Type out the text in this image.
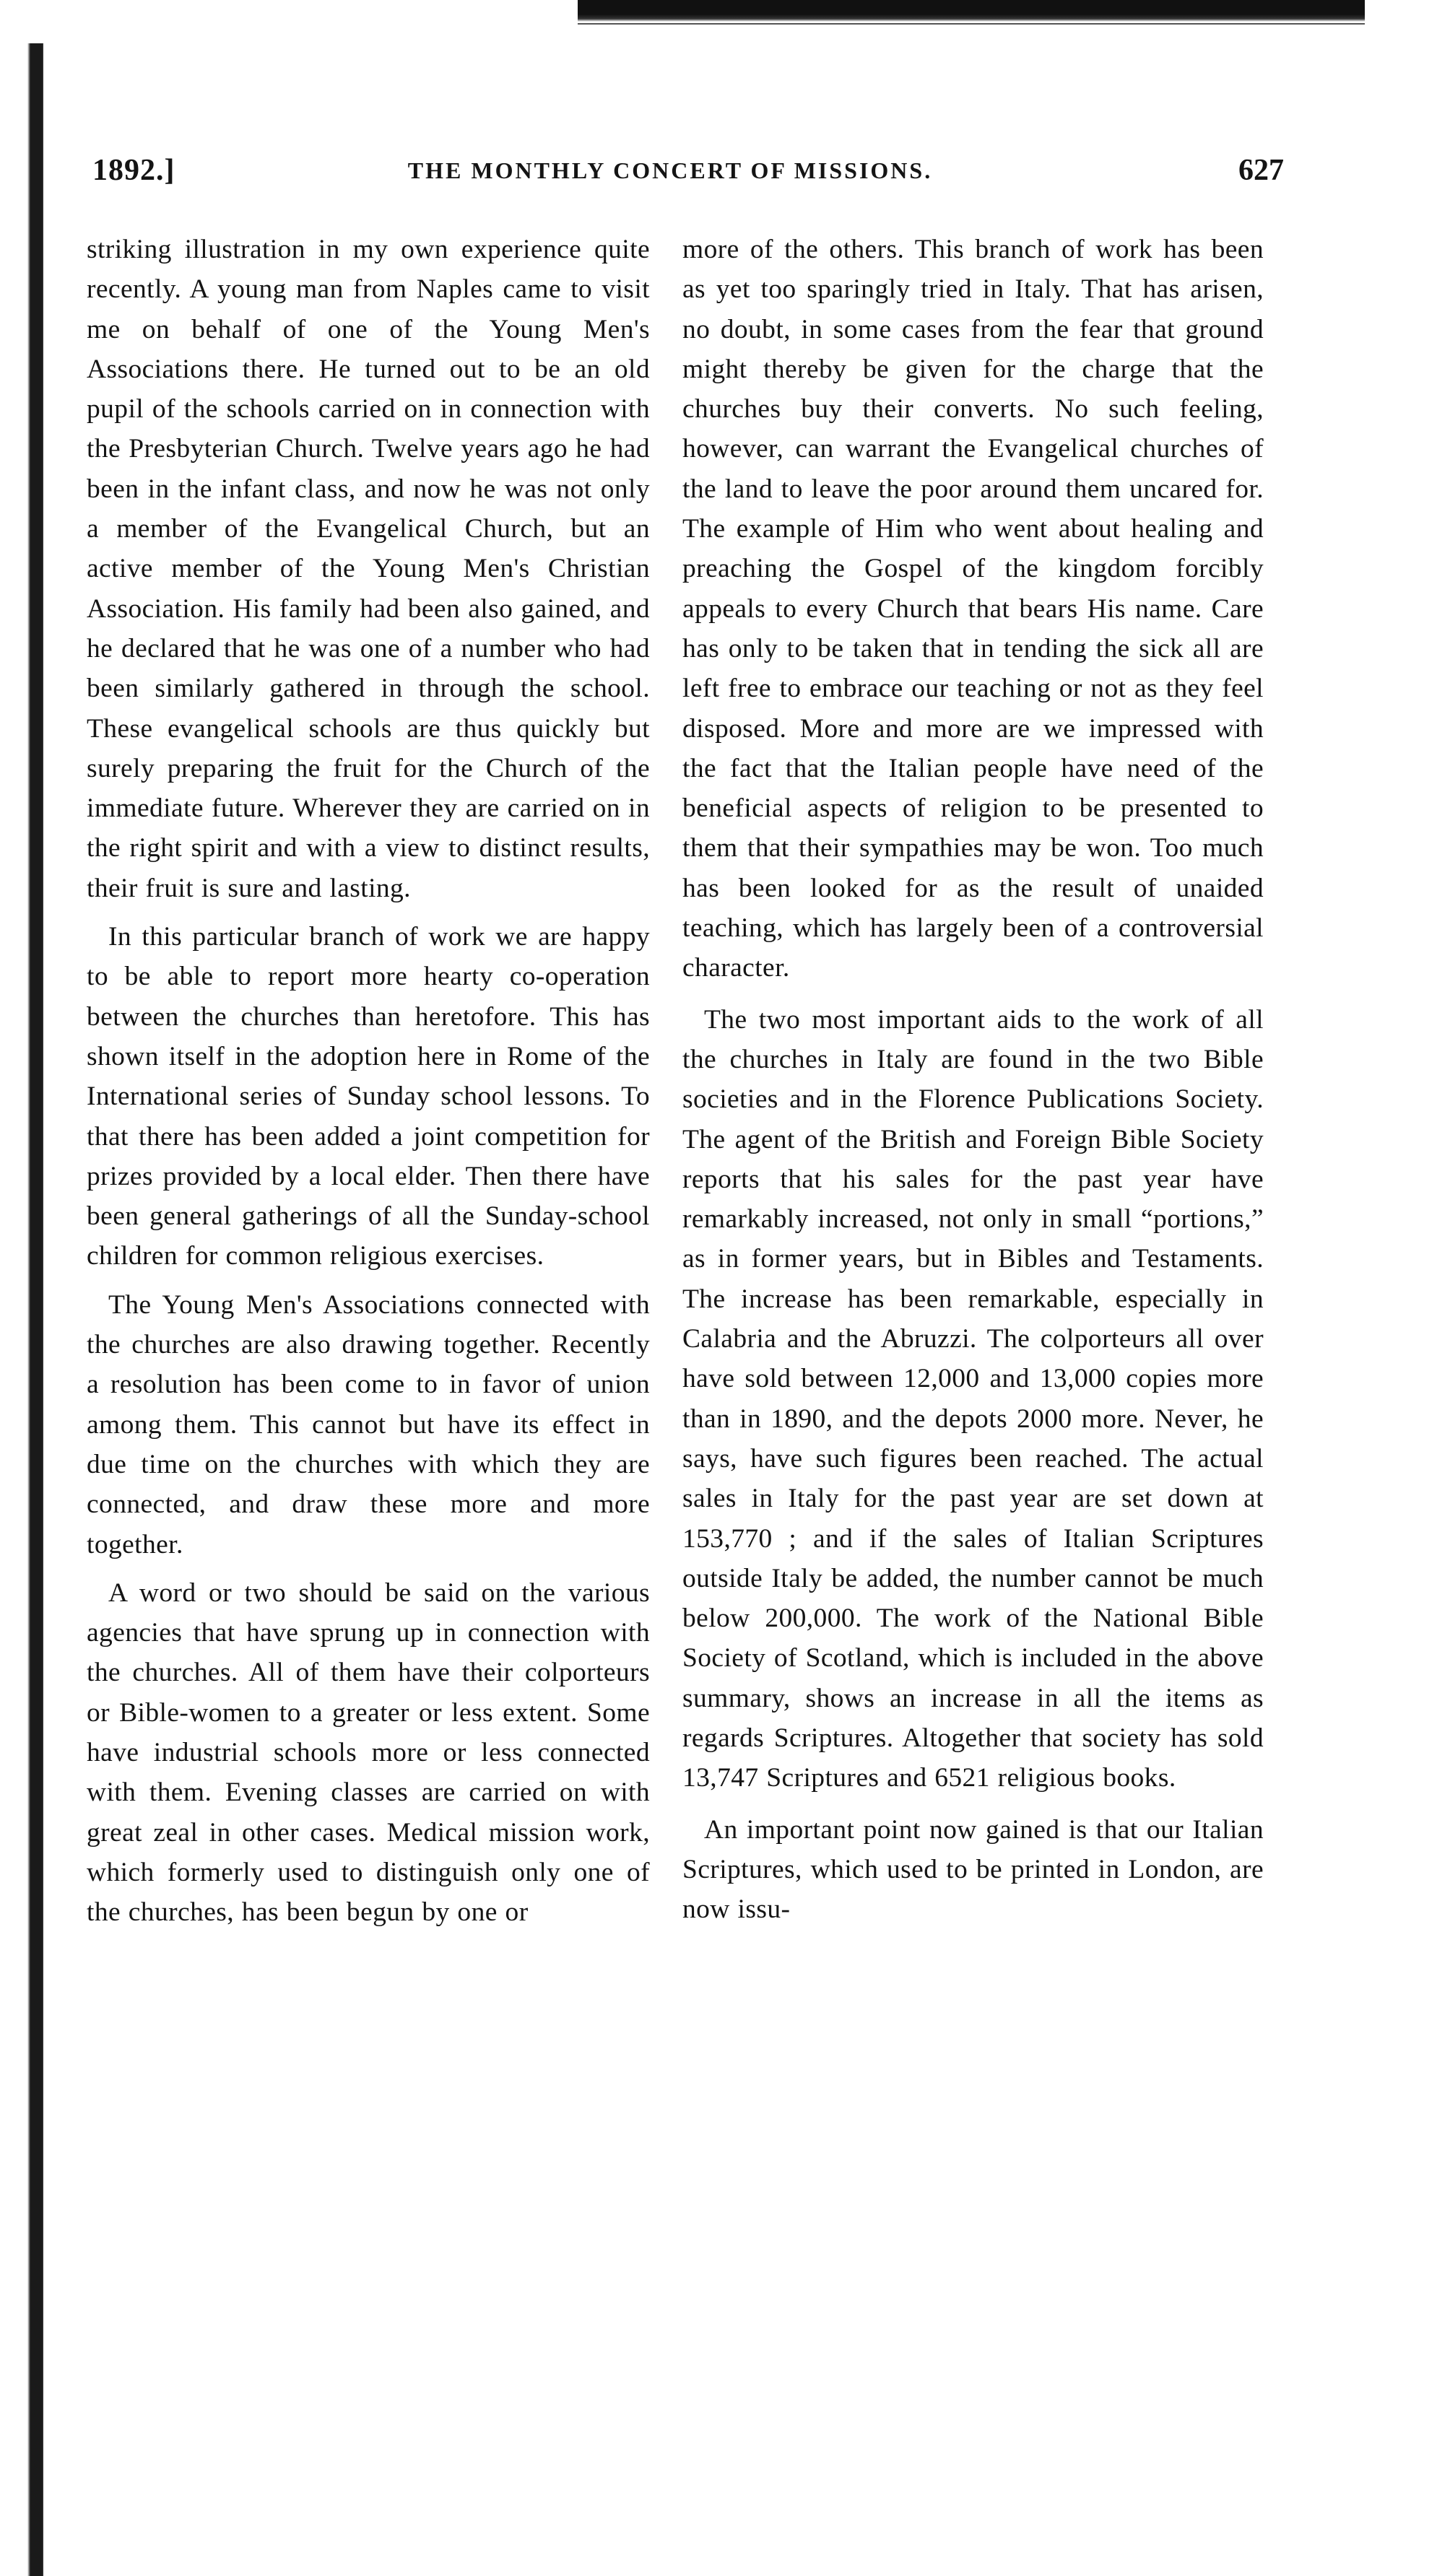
1892.]	THE MONTHLY CONCERT OF MISSIONS.	627

striking illustration in my own experience quite recently. A young man from Naples came to visit me on behalf of one of the Young Men's Associations there. He turned out to be an old pupil of the schools carried on in connection with the Presbyterian Church. Twelve years ago he had been in the infant class, and now he was not only a member of the Evangelical Church, but an active member of the Young Men's Christian Association. His family had been also gained, and he declared that he was one of a number who had been similarly gathered in through the school. These evangelical schools are thus quickly but surely preparing the fruit for the Church of the immediate future. Wherever they are carried on in the right spirit and with a view to distinct results, their fruit is sure and lasting.

In this particular branch of work we are happy to be able to report more hearty co-operation between the churches than heretofore. This has shown itself in the adoption here in Rome of the International series of Sunday school lessons. To that there has been added a joint competition for prizes provided by a local elder. Then there have been general gatherings of all the Sunday-school children for common religious exercises.

The Young Men's Associations connected with the churches are also drawing together. Recently a resolution has been come to in favor of union among them. This cannot but have its effect in due time on the churches with which they are connected, and draw these more and more together.

A word or two should be said on the various agencies that have sprung up in connection with the churches. All of them have their colporteurs or Bible-women to a greater or less extent. Some have industrial schools more or less connected with them. Evening classes are carried on with great zeal in other cases. Medical mission work, which formerly used to distinguish only one of the churches, has been begun by one or

more of the others. This branch of work has been as yet too sparingly tried in Italy. That has arisen, no doubt, in some cases from the fear that ground might thereby be given for the charge that the churches buy their converts. No such feeling, however, can warrant the Evangelical churches of the land to leave the poor around them uncared for. The example of Him who went about healing and preaching the Gospel of the kingdom forcibly appeals to every Church that bears His name. Care has only to be taken that in tending the sick all are left free to embrace our teaching or not as they feel disposed. More and more are we impressed with the fact that the Italian people have need of the beneficial aspects of religion to be presented to them that their sympathies may be won. Too much has been looked for as the result of unaided teaching, which has largely been of a controversial character.

The two most important aids to the work of all the churches in Italy are found in the two Bible societies and in the Florence Publications Society. The agent of the British and Foreign Bible Society reports that his sales for the past year have remarkably increased, not only in small “portions,” as in former years, but in Bibles and Testaments. The increase has been remarkable, especially in Calabria and the Abruzzi. The colporteurs all over have sold between 12,000 and 13,000 copies more than in 1890, and the depots 2000 more. Never, he says, have such figures been reached. The actual sales in Italy for the past year are set down at 153,770 ; and if the sales of Italian Scriptures outside Italy be added, the number cannot be much below 200,000. The work of the National Bible Society of Scotland, which is included in the above summary, shows an increase in all the items as regards Scriptures. Altogether that society has sold 13,747 Scriptures and 6521 religious books.

An important point now gained is that our Italian Scriptures, which used to be printed in London, are now issu-
